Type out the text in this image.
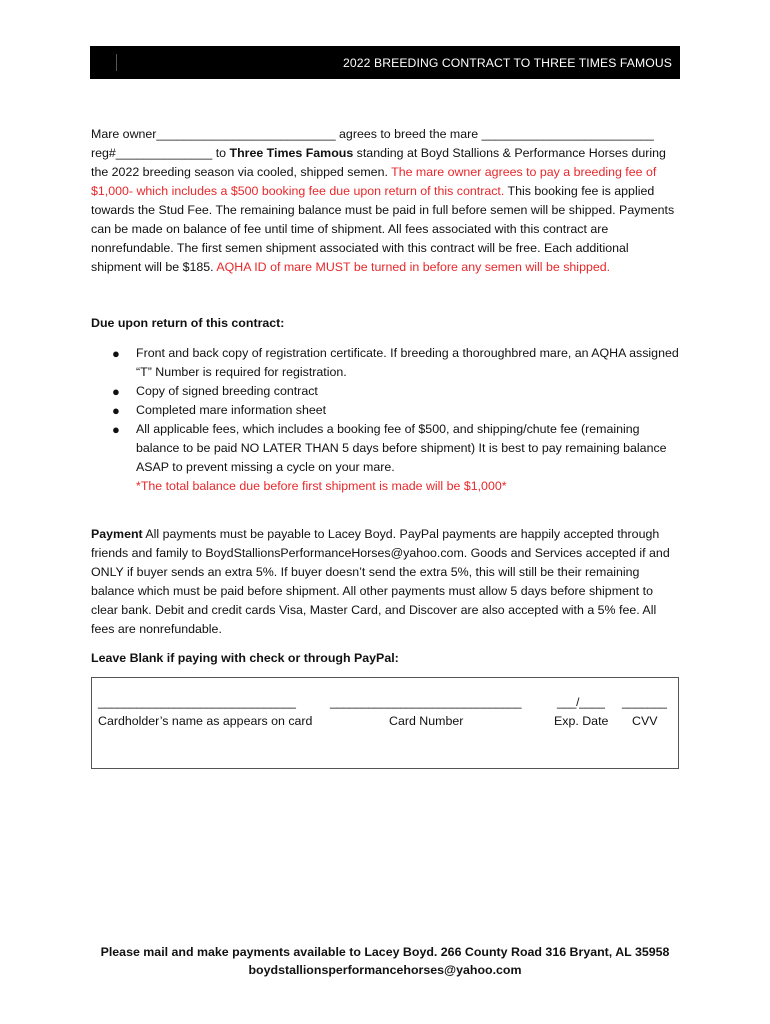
2022 BREEDING CONTRACT TO THREE TIMES FAMOUS
Mare owner__________________________ agrees to breed the mare _________________________ reg#______________ to Three Times Famous standing at Boyd Stallions & Performance Horses during the 2022 breeding season via cooled, shipped semen. The mare owner agrees to pay a breeding fee of $1,000- which includes a $500 booking fee due upon return of this contract. This booking fee is applied towards the Stud Fee. The remaining balance must be paid in full before semen will be shipped. Payments can be made on balance of fee until time of shipment. All fees associated with this contract are nonrefundable. The first semen shipment associated with this contract will be free. Each additional shipment will be $185. AQHA ID of mare MUST be turned in before any semen will be shipped.
Due upon return of this contract:
● Front and back copy of registration certificate. If breeding a thoroughbred mare, an AQHA assigned “T” Number is required for registration.
● Copy of signed breeding contract
● Completed mare information sheet
● All applicable fees, which includes a booking fee of $500, and shipping/chute fee (remaining balance to be paid NO LATER THAN 5 days before shipment) It is best to pay remaining balance ASAP to prevent missing a cycle on your mare.
*The total balance due before first shipment is made will be $1,000*
Payment All payments must be payable to Lacey Boyd. PayPal payments are happily accepted through friends and family to BoydStallionsPerformanceHorses@yahoo.com. Goods and Services accepted if and ONLY if buyer sends an extra 5%. If buyer doesn’t send the extra 5%, this will still be their remaining balance which must be paid before shipment. All other payments must allow 5 days before shipment to clear bank. Debit and credit cards Visa, Master Card, and Discover are also accepted with a 5% fee. All fees are nonrefundable.
Leave Blank if paying with check or through PayPal:
_______________________________	______________________________	___/____ _______
Cardholder’s name as appears on card	Card Number	Exp. Date CVV
Please mail and make payments available to Lacey Boyd. 266 County Road 316 Bryant, AL 35958
boydstallionsperformancehorses@yahoo.com
